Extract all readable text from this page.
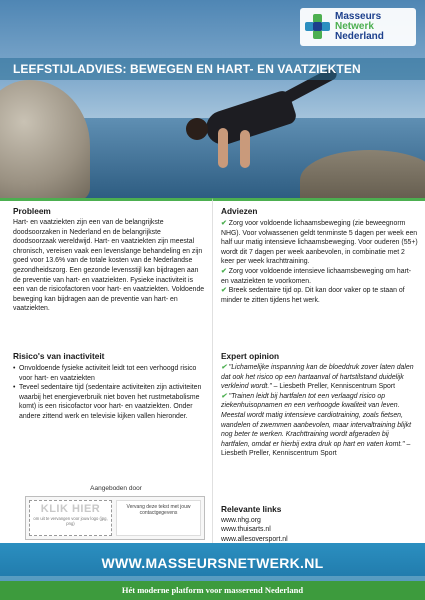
Masseurs
Netwerk
Nederland
LEEFSTIJLADVIES: BEWEGEN EN HART- EN VAATZIEKTEN
Probleem

Hart- en vaatziekten zijn een van de belangrijkste doodsoorzaken in Nederland en de belangrijkste doodsoorzaak wereldwijd. Hart- en vaatziekten zijn meestal chronisch, vereisen vaak een levenslange behandeling en zijn goed voor 13.6% van de totale kosten van de Nederlandse gezondheidszorg. Een gezonde levensstijl kan bijdragen aan de preventie van hart- en vaatziekten. Fysieke inactiviteit is een van de risicofactoren voor hart- en vaatziekten. Voldoende beweging kan bijdragen aan de preventie van hart- en vaatziekten.

Risico's van inactiviteit
• Onvoldoende fysieke activiteit leidt tot een verhoogd risico voor hart- en vaatziekten
• Teveel sedentaire tijd (sedentaire activiteiten zijn activiteiten waarbij het energieverbruik niet boven het rustmetabolisme komt) is een risicofactor voor hart- en vaatziekten. Onder andere zittend werk en televisie kijken vallen hieronder.
Aangeboden door
KLIK HIER
om uit te vervangen voor jouw logo (jpg, png)
Vervang deze tekst met jouw contactgegevens
Adviezen
✔ Zorg voor voldoende lichaamsbeweging (zie beweegnorm NHG). Voor volwassenen geldt tenminste 5 dagen per week een half uur matig intensieve lichaamsbeweging. Voor ouderen (55+) wordt dit 7 dagen per week aanbevolen, in combinatie met 2 keer per week krachttraining.
✔ Zorg voor voldoende intensieve lichaamsbeweging om hart- en vaatziekten te voorkomen.
✔ Breek sedentaire tijd op. Dit kan door vaker op te staan of minder te zitten tijdens het werk.
Expert opinion
✔ "Lichamelijke inspanning kan de bloeddruk zover laten dalen dat ook het risico op een hartaanval of hartstilstand duidelijk verkleind wordt." – Liesbeth Preller, Kenniscentrum Sport
✔ "Trainen leidt bij hartfalen tot een verlaagd risico op ziekenhuisopnamen en een verhoogde kwaliteit van leven. Meestal wordt matig intensieve cardiotraining, zoals fietsen, wandelen of zwemmen aanbevolen, maar intervaltraining blijkt nog beter te werken. Krachttraining wordt afgeraden bij hartfalen, omdat er hierbij extra druk op hart en vaten komt." – Liesbeth Preller, Kenniscentrum Sport
Relevante links
www.nhg.org
www.thuisarts.nl
www.allesoversport.nl
WWW.MASSEURSNETWERK.NL
Hét moderne platform voor masserend Nederland
